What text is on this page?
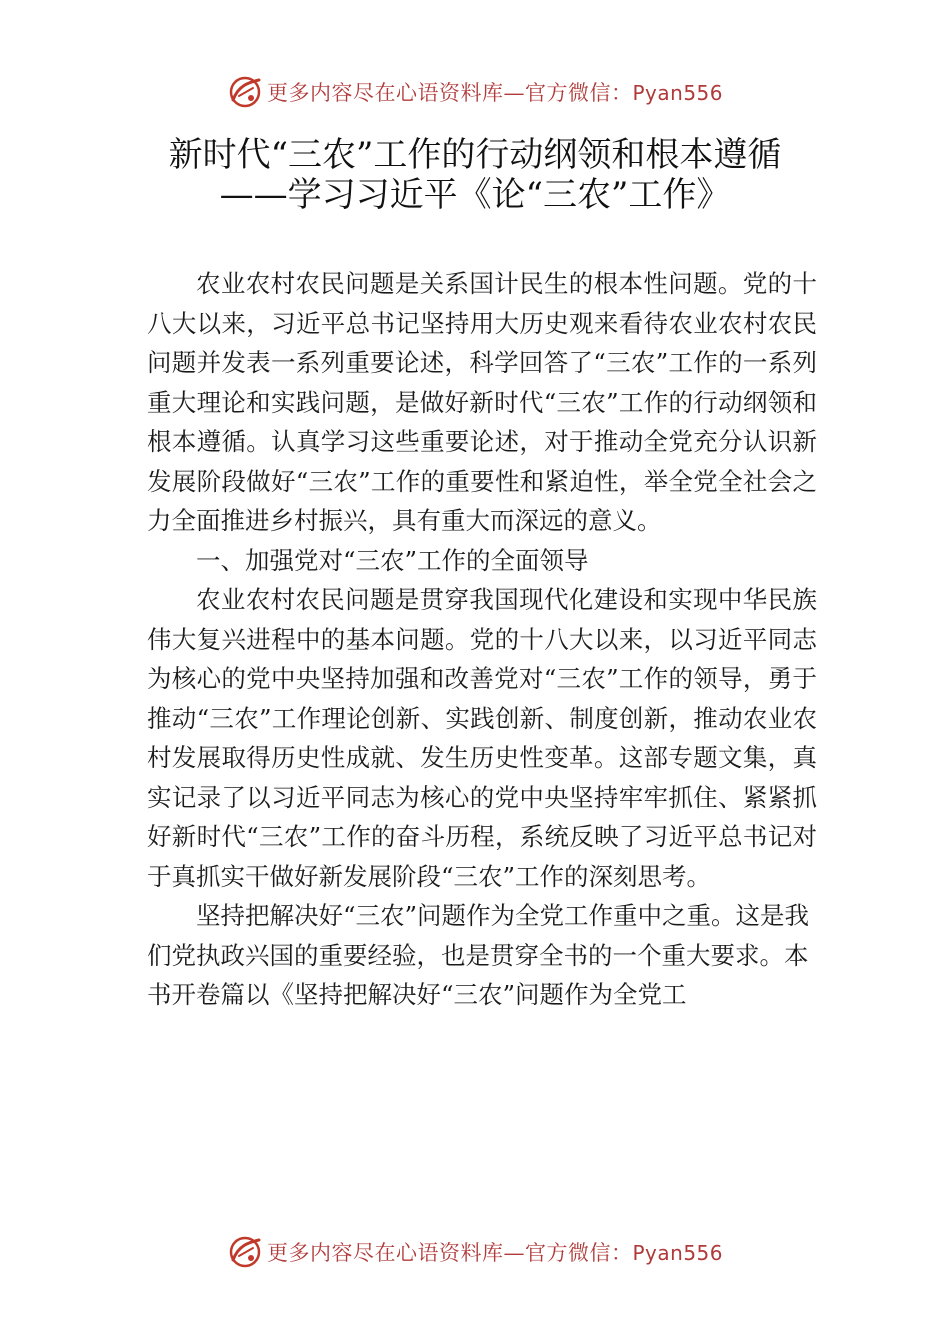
更多内容尽在心语资料库—官方微信：Pyan556
新时代“三农”工作的行动纲领和根本遵循
——学习习近平《论“三农”工作》

农业农村农民问题是关系国计民生的根本性问题。党的十八大以来，习近平总书记坚持用大历史观来看待农业农村农民问题并发表一系列重要论述，科学回答了“三农”工作的一系列重大理论和实践问题，是做好新时代“三农”工作的行动纲领和根本遵循。认真学习这些重要论述，对于推动全党充分认识新发展阶段做好“三农”工作的重要性和紧迫性，举全党全社会之力全面推进乡村振兴，具有重大而深远的意义。

一、加强党对“三农”工作的全面领导

农业农村农民问题是贯穿我国现代化建设和实现中华民族伟大复兴进程中的基本问题。党的十八大以来，以习近平同志为核心的党中央坚持加强和改善党对“三农”工作的领导，勇于推动“三农”工作理论创新、实践创新、制度创新，推动农业农村发展取得历史性成就、发生历史性变革。这部专题文集，真实记录了以习近平同志为核心的党中央坚持牢牢抓住、紧紧抓好新时代“三农”工作的奋斗历程，系统反映了习近平总书记对于真抓实干做好新发展阶段“三农”工作的深刻思考。

坚持把解决好“三农”问题作为全党工作重中之重。这是我们党执政兴国的重要经验，也是贯穿全书的一个重大要求。本书开卷篇以《坚持把解决好“三农”问题作为全党工

更多内容尽在心语资料库—官方微信：Pyan556
